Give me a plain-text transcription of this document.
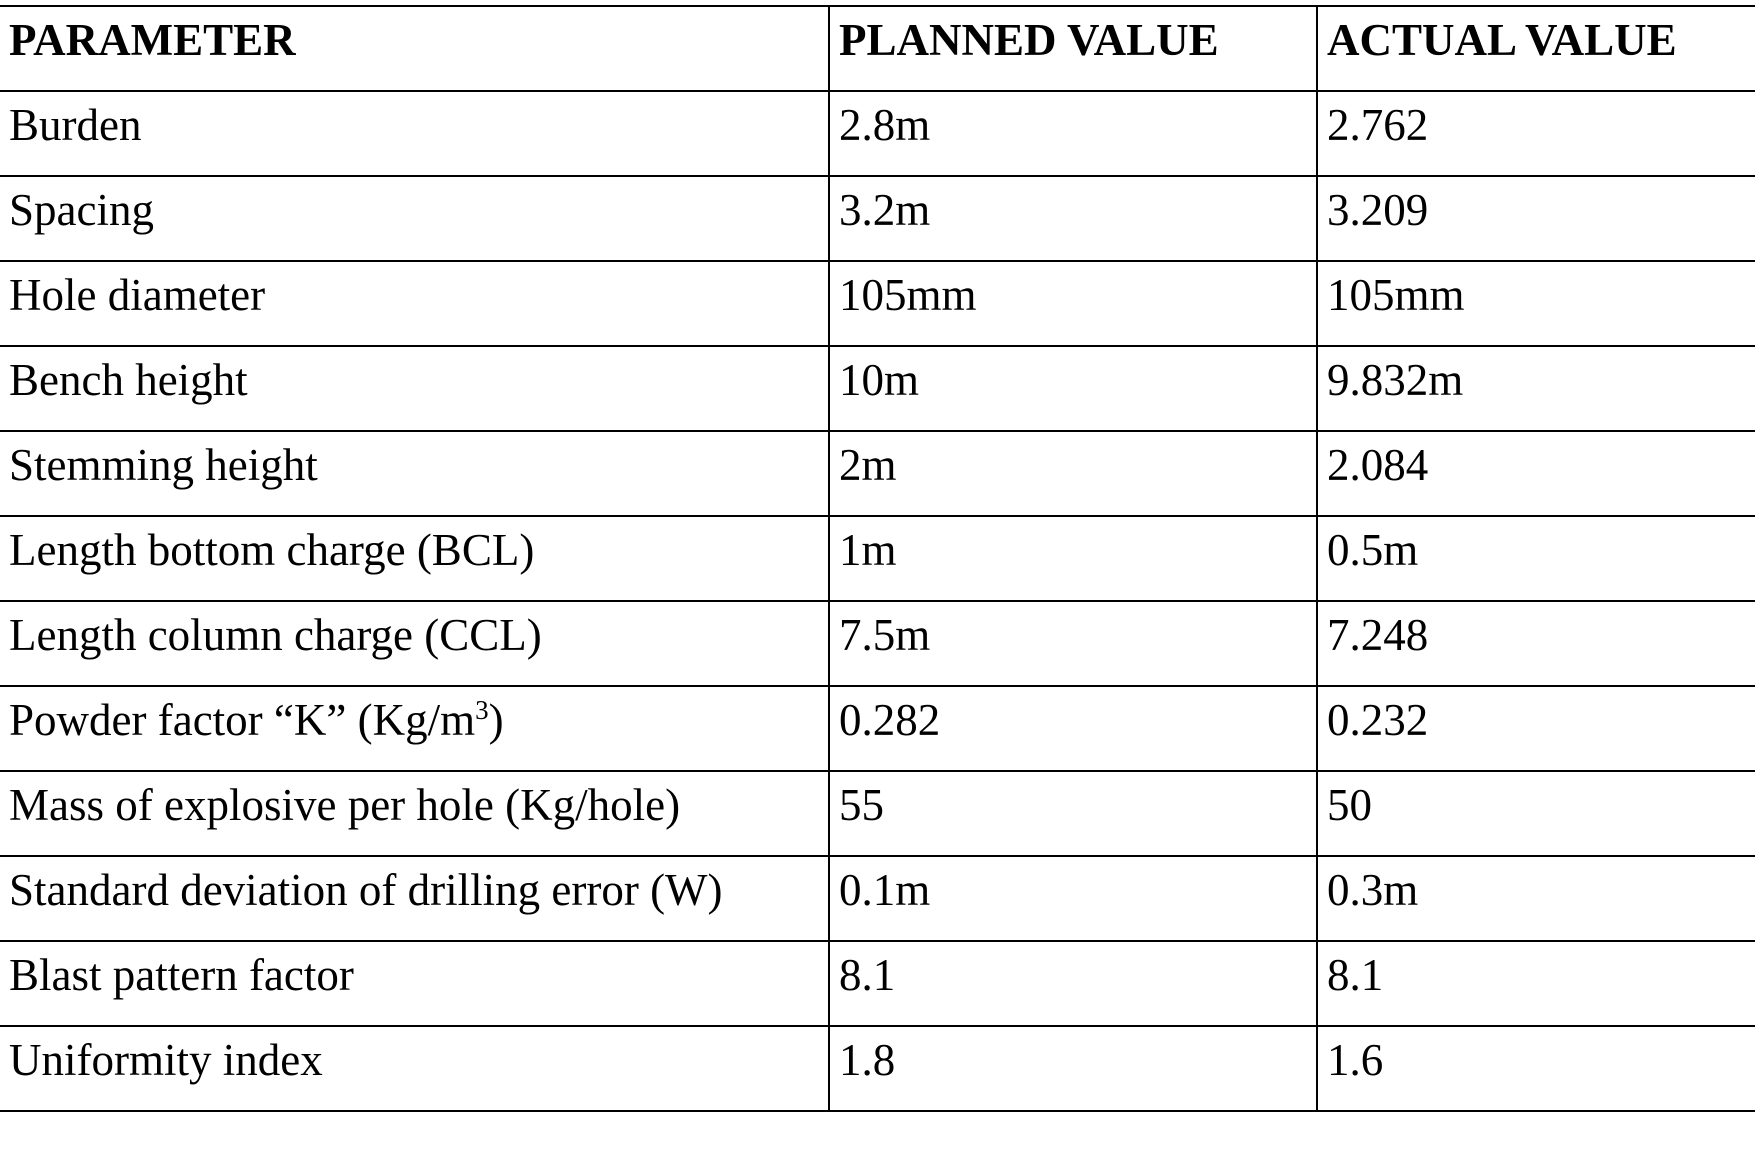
PARAMETER	PLANNED VALUE	ACTUAL VALUE
Burden	2.8m	2.762
Spacing	3.2m	3.209
Hole diameter	105mm	105mm
Bench height	10m	9.832m
Stemming height	2m	2.084
Length bottom charge (BCL)	1m	0.5m
Length column charge (CCL)	7.5m	7.248
Powder factor “K” $(Kg/m^3)$	0.282	0.232
Mass of explosive per hole (Kg/hole)	55	50
Standard deviation of drilling error (W)	0.1m	0.3m
Blast pattern factor	8.1	8.1
Uniformity index	1.8	1.6
